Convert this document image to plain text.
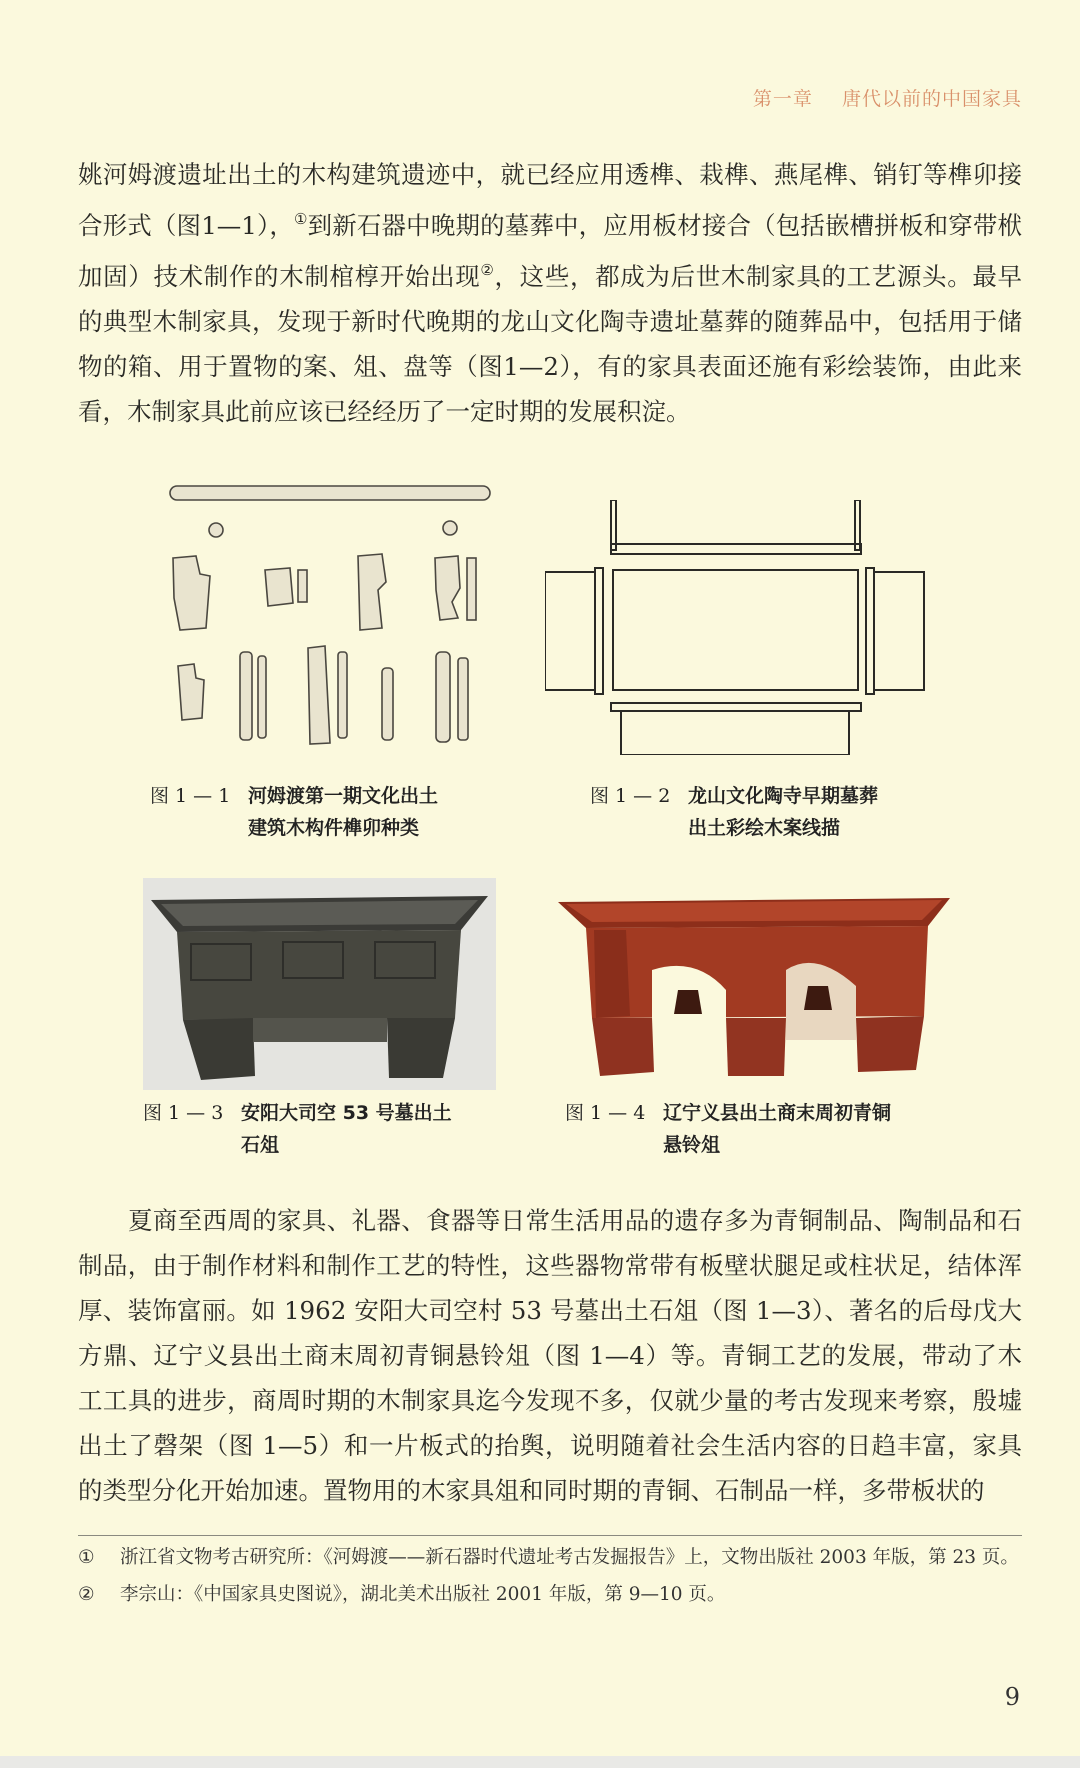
第一章 唐代以前的中国家具

姚河姆渡遗址出土的木构建筑遗迹中，就已经应用透榫、栽榫、燕尾榫、销钉等榫卯接合形式（图1—1），①到新石器中晚期的墓葬中，应用板材接合（包括嵌槽拼板和穿带栿加固）技术制作的木制棺椁开始出现②，这些，都成为后世木制家具的工艺源头。最早的典型木制家具，发现于新时代晚期的龙山文化陶寺遗址墓葬的随葬品中，包括用于储物的箱、用于置物的案、俎、盘等（图1—2），有的家具表面还施有彩绘装饰，由此来看，木制家具此前应该已经经历了一定时期的发展积淀。

图 1 — 1 河姆渡第一期文化出土
建筑木构件榫卯种类
图 1 — 2 龙山文化陶寺早期墓葬
出土彩绘木案线描
图 1 — 3 安阳大司空 53 号墓出土
石俎
图 1 — 4 辽宁义县出土商末周初青铜
悬铃俎

夏商至西周的家具、礼器、食器等日常生活用品的遗存多为青铜制品、陶制品和石制品，由于制作材料和制作工艺的特性，这些器物常带有板壁状腿足或柱状足，结体浑厚、装饰富丽。如 1962 安阳大司空村 53 号墓出土石俎（图 1—3）、著名的后母戊大方鼎、辽宁义县出土商末周初青铜悬铃俎（图 1—4）等。青铜工艺的发展，带动了木工工具的进步，商周时期的木制家具迄今发现不多，仅就少量的考古发现来考察，殷墟出土了磬架（图 1—5）和一片板式的抬舆，说明随着社会生活内容的日趋丰富，家具的类型分化开始加速。置物用的木家具俎和同时期的青铜、石制品一样，多带板状的

①	浙江省文物考古研究所：《河姆渡——新石器时代遗址考古发掘报告》上，文物出版社 2003 年版，第 23 页。
②	李宗山：《中国家具史图说》，湖北美术出版社 2001 年版，第 9—10 页。
9
